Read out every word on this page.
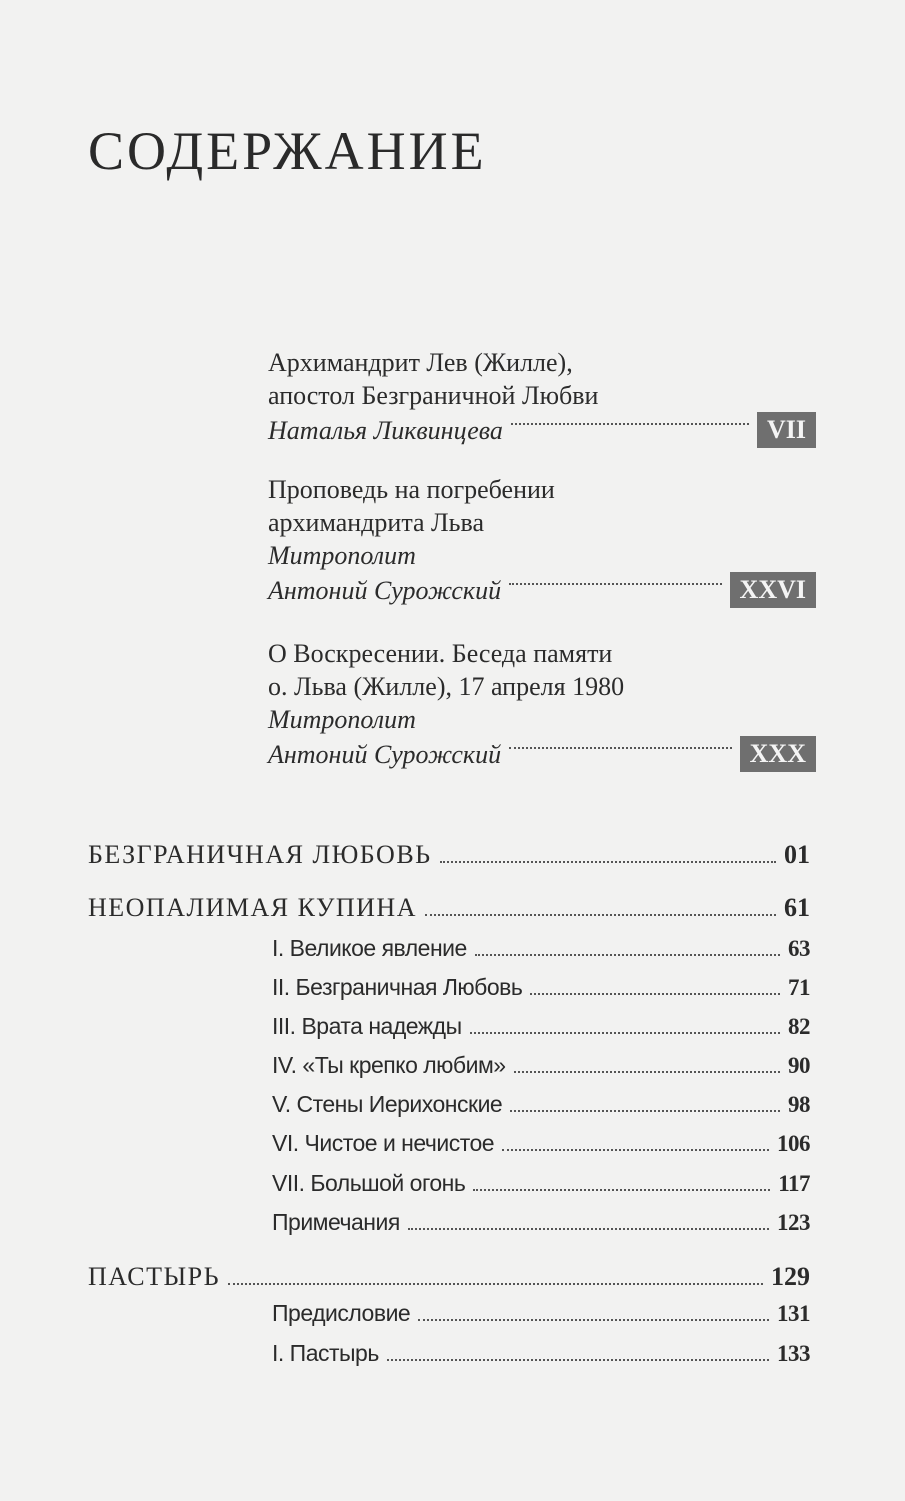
СОДЕРЖАНИЕ
Архимандрит Лев (Жилле),
апостол Безграничной Любви
Наталья Ликвинцева	VII
Проповедь на погребении
архимандрита Льва
Митрополит
Антоний Сурожский	XXVI
О Воскресении. Беседа памяти
о. Льва (Жилле), 17 апреля 1980
Митрополит
Антоний Сурожский	XXX
БЕЗГРАНИЧНАЯ ЛЮБОВЬ	01
НЕОПАЛИМАЯ КУПИНА	61
I. Великое явление	63
II. Безграничная Любовь	71
III. Врата надежды	82
IV. «Ты крепко любим»	90
V. Стены Иерихонские	98
VI. Чистое и нечистое	106
VII. Большой огонь	117
Примечания	123
ПАСТЫРЬ	129
Предисловие	131
I. Пастырь	133
